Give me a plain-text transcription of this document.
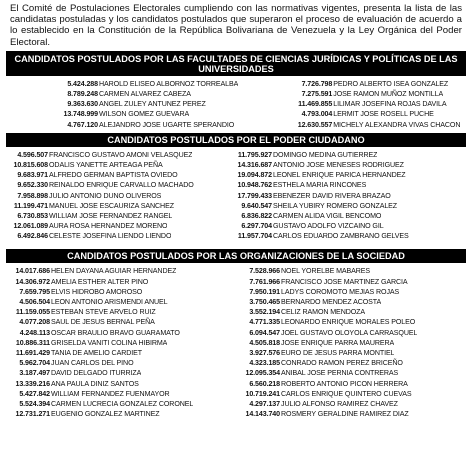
El Comité de Postulaciones Electorales cumpliendo con las normativas vigentes, presenta la lista de las candidatas postuladas y los candidatos postulados que superaron el proceso de evaluación de acuerdo a lo establecido en la Constitución de la República Bolivariana de Venezuela y la Ley Orgánica del Poder Electoral.
CANDIDATOS POSTULADOS POR LAS FACULTADES DE CIENCIAS JURÍDICAS Y POLÍTICAS DE LAS UNIVERSIDADES
5.424.288 HAROLD ELISEO ALBORNOZ TORREALBA
8.789.248 CARMEN ALVAREZ CABEZA
9.363.630 ANGEL ZULEY ANTUNEZ PEREZ
13.748.999 WILSON GOMEZ GUEVARA
4.767.120 ALEJANDRO JOSE UGARTE SPERANDIO
7.726.798 PEDRO ALBERTO ISEA GONZALEZ
7.275.591 JOSE RAMON MUÑOZ MONTILLA
11.469.855 LILIMAR JOSEFINA ROJAS DAVILA
4.793.004 LERMIT JOSE ROSELL PUCHE
12.630.557 MICHELY ALEXANDRA VIVAS CHACON
CANDIDATOS POSTULADOS POR EL PODER CIUDADANO
4.596.507 FRANCISCO GUSTAVO AMONI VELASQUEZ
10.815.608 ODALIS YANETTE ARTEAGA PEÑA
9.683.971 ALFREDO GERMAN BAPTISTA OVIEDO
9.652.330 REINALDO ENRIQUE CARVALLO MACHADO
7.958.898 JULIO ANTONIO DUNO OLIVEROS
11.199.471 MANUEL JOSE ESCAURIZA SANCHEZ
6.730.853 WILLIAM JOSE FERNANDEZ RANGEL
12.061.089 AURA ROSA HERNANDEZ MORENO
6.492.846 CELESTE JOSEFINA LIENDO LIENDO
11.795.927 DOMINGO MEDINA GUTIERREZ
14.316.687 ANTONIO JOSE MENESES RODRIGUEZ
19.094.872 LEONEL ENRIQUE PARICA HERNANDEZ
10.948.762 ESTHELA MARIA RINCONES
17.799.433 EBENEZER DAVID RIVERA BRAZAO
9.640.547 SHEILA YUBIRY ROMERO GONZALEZ
6.836.822 CARMEN ALIDA VIGIL BENCOMO
6.297.704 GUSTAVO ADOLFO VIZCAINO GIL
11.957.704 CARLOS EDUARDO ZAMBRANO GELVES
CANDIDATOS POSTULADOS POR LAS ORGANIZACIONES DE LA SOCIEDAD
14.017.686 HELEN DAYANA AGUIAR HERNANDEZ
14.306.972 AMELIA ESTHER ALTER PINO
7.659.795 ELVIS HIDROBO AMOROSO
4.506.504 LEON ANTONIO ARISMENDI ANUEL
11.159.055 ESTEBAN STEVE ARVELO RUIZ
4.077.208 SAUL DE JESUS BERNAL PEÑA
4.248.113 OSCAR BRAULIO BRAVO GUARAMATO
10.886.311 GRISELDA VANITI COLINA HIBIRMA
11.691.429 TANIA DE AMELIO CARDIET
5.962.704 JUAN CARLOS DEL PINO
3.187.497 DAVID DELGADO ITURRIZA
13.339.216 ANA PAULA DINIZ SANTOS
5.427.842 WILLIAM FERNANDEZ FUENMAYOR
5.524.394 CARMEN LUCRECIA GONZALEZ CORONEL
12.731.271 EUGENIO GONZALEZ MARTINEZ
7.528.966 NOEL YORELBE MABARES
7.761.966 FRANCISCO JOSE MARTINEZ GARCIA
7.950.191 LADYS COROMOTO MEJIAS ROJAS
3.750.465 BERNARDO MENDEZ ACOSTA
3.552.194 CELIZ RAMON MENDOZA
4.771.335 LEONARDO ENRIQUE MORALES POLEO
6.094.547 JOEL GUSTAVO OLOYOLA CARRASQUEL
4.505.818 JOSE ENRIQUE PARRA MAURERA
3.927.576 EURO DE JESUS PARRA MONTIEL
4.323.185 CONRADO RAMON PEREZ BRICEÑO
12.095.354 ANIBAL JOSE PERNIA CONTRERAS
6.560.218 ROBERTO ANTONIO PICON HERRERA
10.719.241 CARLOS ENRIQUE QUINTERO CUEVAS
4.297.137 JULIO ALFONSO RAMIREZ CHAVEZ
14.143.740 ROSMERY GERALDINE RAMIREZ DIAZ
